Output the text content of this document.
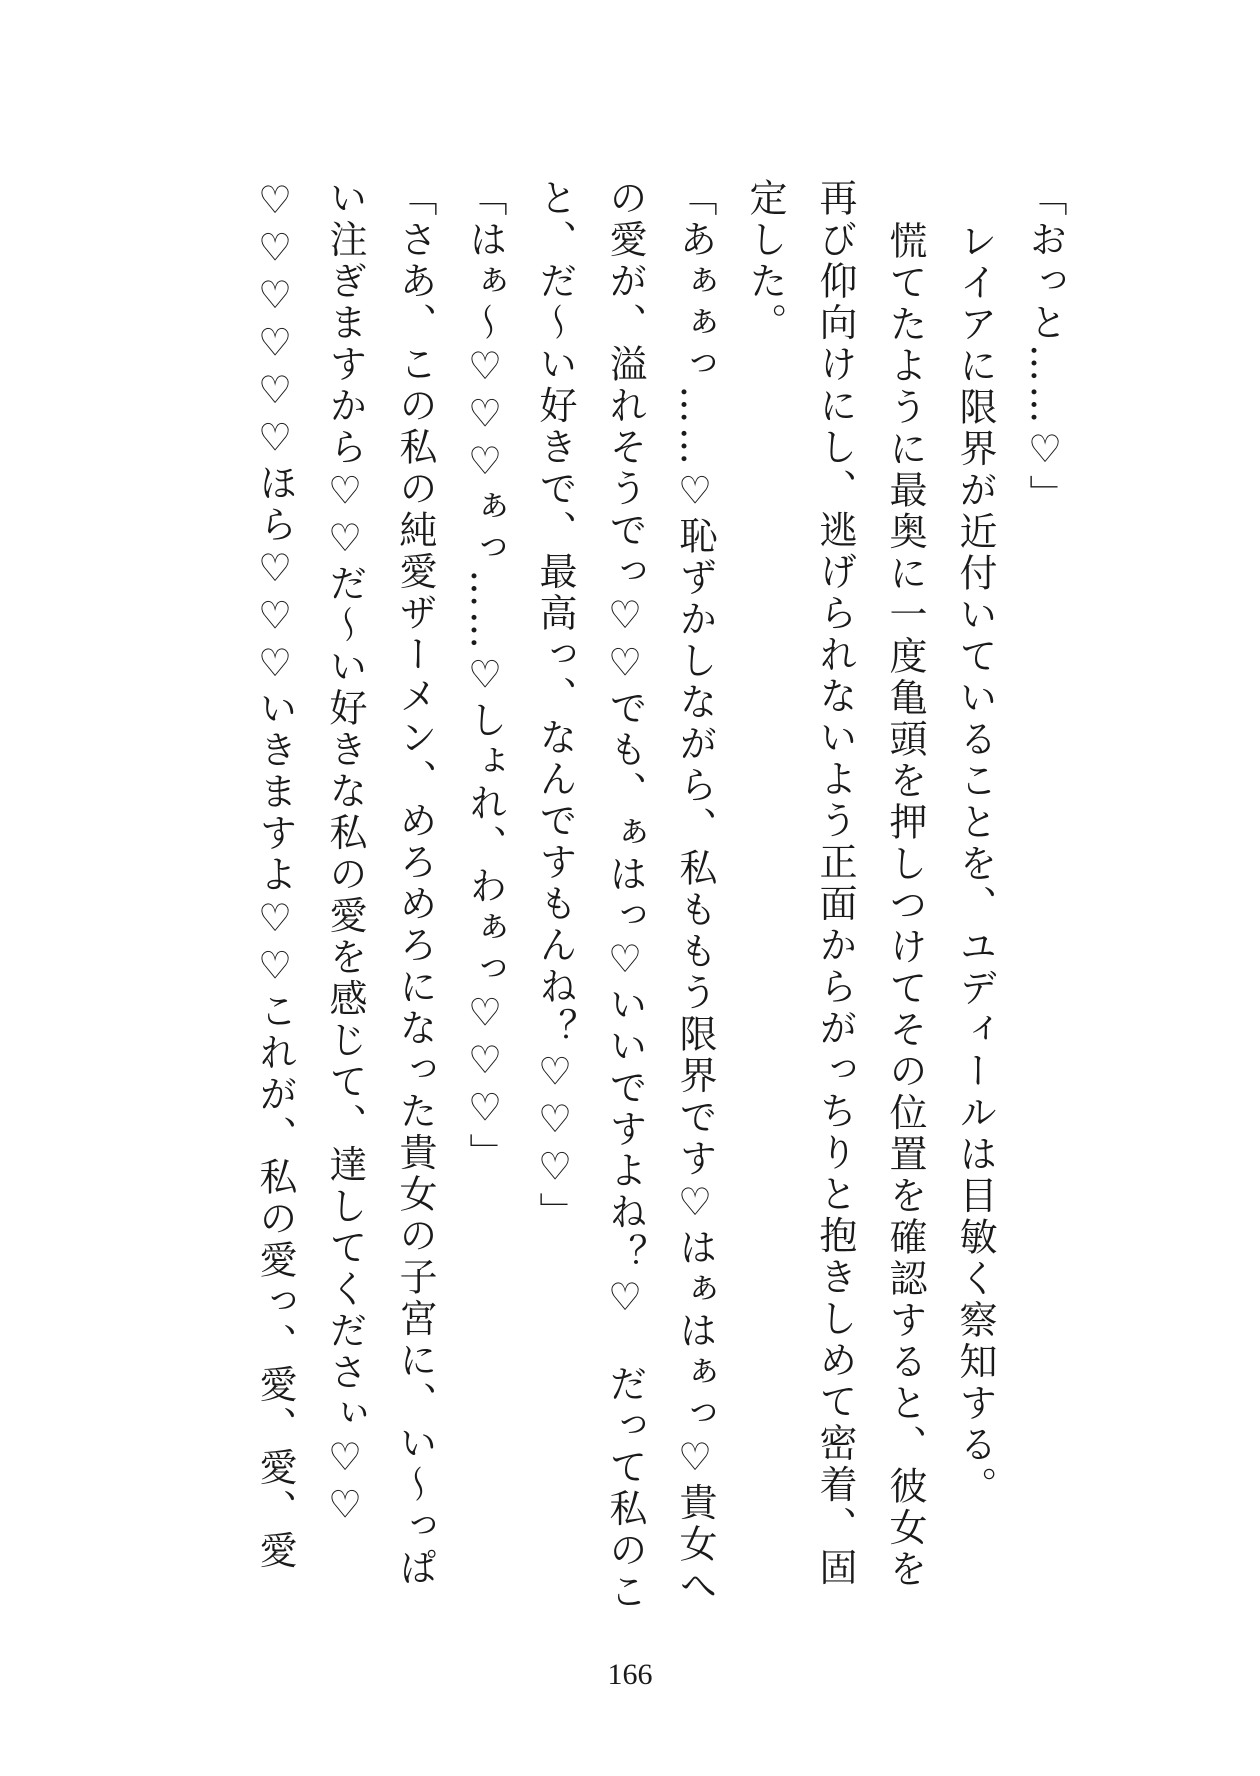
「おっと……♡」
レイアに限界が近付いていることを、ユディールは目敏く察知する。
慌てたように最奥に一度亀頭を押しつけてその位置を確認すると、彼女を
再び仰向けにし、逃げられないよう正面からがっちりと抱きしめて密着、固
定した。
「あぁぁっ……♡恥ずかしながら、私ももう限界です♡はぁはぁっ♡貴女へ
の愛が、溢れそうでっ♡♡でも、ぁはっ♡いいですよね？♡　だって私のこ
と、だ〜い好きで、最高っ、なんですもんね？♡♡♡」
「はぁ〜♡♡♡ぁっ……♡しょれ、わぁっ♡♡♡」
「さあ、この私の純愛ザーメン、めろめろになった貴女の子宮に、い〜っぱ
い注ぎますから♡♡だ〜い好きな私の愛を感じて、達してくださぃ♡♡
♡♡♡♡♡♡ほら♡♡♡いきますよ♡♡これが、私の愛っ、愛、愛、愛
166
